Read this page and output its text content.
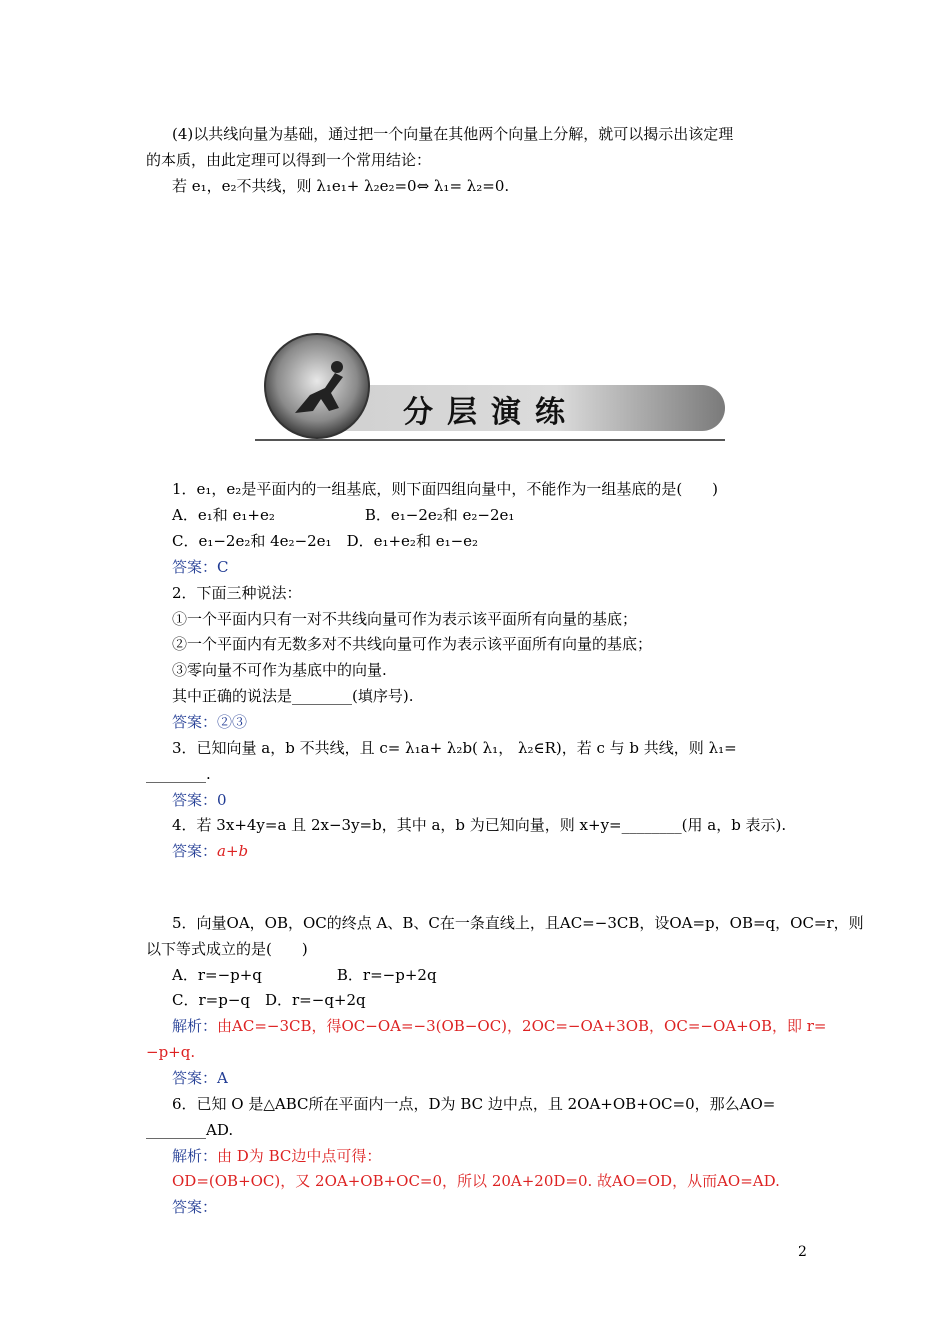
(4)以共线向量为基础，通过把一个向量在其他两个向量上分解，就可以揭示出该定理
的本质，由此定理可以得到一个常用结论：
若 e₁，e₂不共线，则 λ₁e₁+ λ₂e₂=0⇔ λ₁= λ₂=0.
分层演练
1．e₁，e₂是平面内的一组基底，则下面四组向量中，不能作为一组基底的是(　　)
A．e₁和 e₁+e₂　　　　　　B．e₁−2e₂和 e₂−2e₁
C．e₁−2e₂和 4e₂−2e₁　D．e₁+e₂和 e₁−e₂
答案：C
2．下面三种说法：
①一个平面内只有一对不共线向量可作为表示该平面所有向量的基底；
②一个平面内有无数多对不共线向量可作为表示该平面所有向量的基底；
③零向量不可作为基底中的向量.
其中正确的说法是________(填序号).
答案：②③
3．已知向量 a，b 不共线，且 c= λ₁a+ λ₂b( λ₁， λ₂∈R)，若 c 与 b 共线，则 λ₁=
________.
答案：0
4．若 3x+4y=a 且 2x−3y=b，其中 a，b 为已知向量，则 x+y=________(用 a，b 表示).
答案：a+b
5．向量OA，OB，OC的终点 A、B、C在一条直线上，且AC=−3CB，设OA=p，OB=q，OC=r，则
以下等式成立的是(　　)
A．r=−p+q　　　　　B．r=−p+2q
C．r=p−q　D．r=−q+2q
解析：由AC=−3CB，得OC−OA=−3(OB−OC)，2OC=−OA+3OB，OC=−OA+OB，即 r=
−p+q.
答案：A
6．已知 O 是△ABC所在平面内一点，D为 BC 边中点，且 2OA+OB+OC=0，那么AO=
________AD.
解析：由 D为 BC边中点可得：
OD=(OB+OC)，又 2OA+OB+OC=0，所以 20A+20D=0. 故AO=OD，从而AO=AD.
答案：
2
